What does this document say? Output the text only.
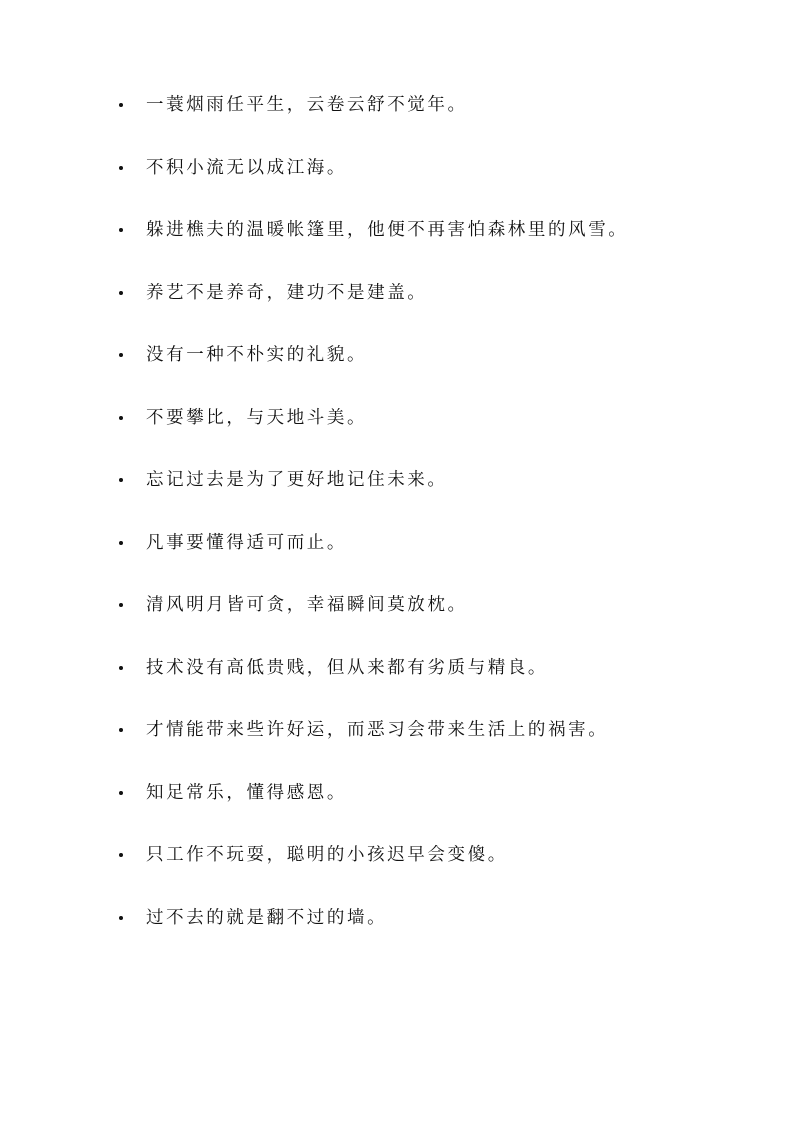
一蓑烟雨任平生，云卷云舒不觉年。
不积小流无以成江海。
躲进樵夫的温暖帐篷里，他便不再害怕森林里的风雪。
养艺不是养奇，建功不是建盖。
没有一种不朴实的礼貌。
不要攀比，与天地斗美。
忘记过去是为了更好地记住未来。
凡事要懂得适可而止。
清风明月皆可贪，幸福瞬间莫放枕。
技术没有高低贵贱，但从来都有劣质与精良。
才情能带来些许好运，而恶习会带来生活上的祸害。
知足常乐，懂得感恩。
只工作不玩耍，聪明的小孩迟早会变傻。
过不去的就是翻不过的墙。
